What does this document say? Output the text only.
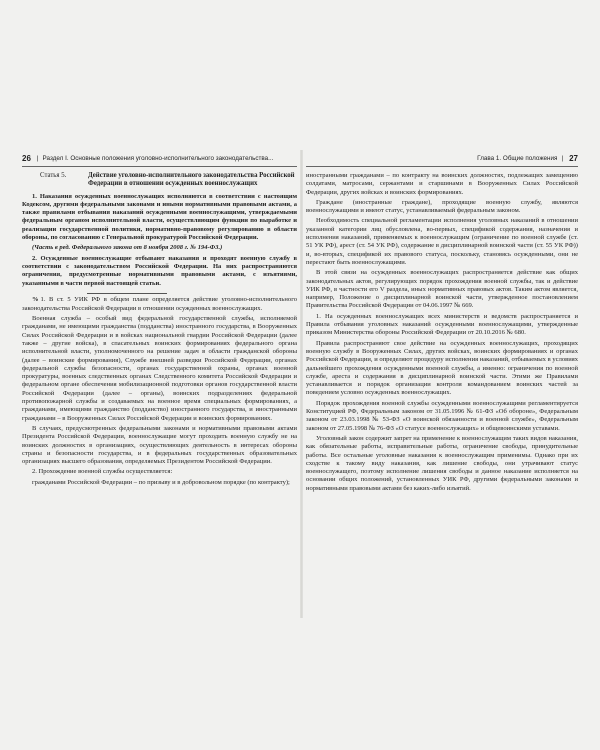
26 | Раздел I. Основные положения уголовно-исполнительного законодательства...
Статья 5.	Действие уголовно-исполнительного законодательства Российской Федерации в отношении осужденных военнослужащих

1. Наказания осужденных военнослужащих исполняются в соответствии с настоящим Кодексом, другими федеральными законами и иными нормативными правовыми актами, а также правилами отбывания наказаний осужденными военнослужащими, утверждаемыми федеральным органом исполнительной власти, осуществляющим функции по выработке и реализации государственной политики, нормативно-правовому регулированию в области обороны, по согласованию с Генеральной прокуратурой Российской Федерации.

(Часть в ред. Федерального закона от 8 ноября 2008 г. № 194-ФЗ.)

2. Осужденные военнослужащие отбывают наказания и проходят военную службу в соответствии с законодательством Российской Федерации. На них распространяются ограничения, предусмотренные нормативными правовыми актами, с изъятиями, указанными в части первой настоящей статьи.

% 1. В ст. 5 УИК РФ в общем плане определяется действие уголовно-исполнительного законодательства Российской Федерации в отношении осужденных военнослужащих.

Военная служба – особый вид федеральной государственной службы, исполняемой гражданами, не имеющими гражданства (подданства) иностранного государства, в Вооруженных Силах Российской Федерации и в войсках национальной гвардии Российской Федерации (далее также – другие войска), в спасательных воинских формированиях федерального органа исполнительной власти, уполномоченного на решение задач в области гражданской обороны (далее – воинские формирования), Службе внешней разведки Российской Федерации, органах федеральной службы безопасности, органах государственной охраны, органах военной прокуратуры, военных следственных органах Следственного комитета Российской Федерации и федеральном органе обеспечения мобилизационной подготовки органов государственной власти Российской Федерации (далее – органы), воинских подразделениях федеральной противопожарной службы и создаваемых на военное время специальных формированиях, а гражданами, имеющими гражданство (подданство) иностранного государства, и иностранными гражданами – в Вооруженных Силах Российской Федерации и воинских формированиях.

В случаях, предусмотренных федеральными законами и нормативными правовыми актами Президента Российской Федерации, военнослужащие могут проходить военную службу не на воинских должностях в организациях, осуществляющих деятельность в интересах обороны страны и безопасности государства, и в федеральных государственных образовательных организациях высшего образования, определяемых Президентом Российской Федерации.

2. Прохождение военной службы осуществляется:

гражданами Российской Федерации – по призыву и в добровольном порядке (по контракту);

Глава 1. Общие положения | 27

иностранными гражданами – по контракту на воинских должностях, подлежащих замещению солдатами, матросами, сержантами и старшинами в Вооруженных Силах Российской Федерации, других войсках и воинских формированиях.

Граждане (иностранные граждане), проходящие военную службу, являются военнослужащими и имеют статус, устанавливаемый федеральным законом.

Необходимость специальной регламентации исполнения уголовных наказаний в отношении указанной категории лиц обусловлена, во-первых, спецификой содержания, назначения и исполнения наказаний, применяемых к военнослужащим (ограничение по военной службе (ст. 51 УК РФ), арест (ст. 54 УК РФ), содержание в дисциплинарной воинской части (ст. 55 УК РФ)) и, во-вторых, спецификой их правового статуса, поскольку, становясь осужденными, они не перестают быть военнослужащими.

В этой связи на осужденных военнослужащих распространяется действие как общих законодательных актов, регулирующих порядок прохождения военной службы, так и действие УИК РФ, в частности его V раздела, иных нормативных правовых актов. Таким актом является, например, Положение о дисциплинарной воинской части, утвержденное постановлением Правительства Российской Федерации от 04.06.1997 № 669.

1. На осужденных военнослужащих всех министерств и ведомств распространяется и Правила отбывания уголовных наказаний осужденными военнослужащими, утвержденные приказом Министерства обороны Российской Федерации от 20.10.2016 № 680.

Правила распространяют свое действие на осужденных военнослужащих, проходящих военную службу в Вооруженных Силах, других войсках, воинских формированиях и органах Российской Федерации, и определяют процедуру исполнения наказаний, отбываемых в условиях дальнейшего прохождения осужденными военной службы, а именно: ограничения по военной службе, ареста и содержания в дисциплинарной воинской части. Этими же Правилами устанавливается и порядок организации контроля командованием воинских частей за поведением условно осужденных военнослужащих.

Порядок прохождения военной службы осужденными военнослужащими регламентируется Конституцией РФ, Федеральным законом от 31.05.1996 № 61-ФЗ «Об обороне», Федеральным законом от 23.03.1998 № 53-ФЗ «О воинской обязанности и военной службе», Федеральным законом от 27.05.1998 № 76-ФЗ «О статусе военнослужащих» и общевоинскими уставами.

Уголовный закон содержит запрет на применение к военнослужащим таких видов наказания, как обязательные работы, исправительные работы, ограничение свободы, принудительные работы. Все остальные уголовные наказания к военнослужащим применимы. Однако при их сходстве к такому виду наказания, как лишение свободы, они утрачивают статус военнослужащего, поэтому исполнение лишения свободы и данное наказание исполняется на основании общих положений, установленных УИК РФ, другими федеральными законами и нормативными правовыми актами без каких-либо изъятий.
